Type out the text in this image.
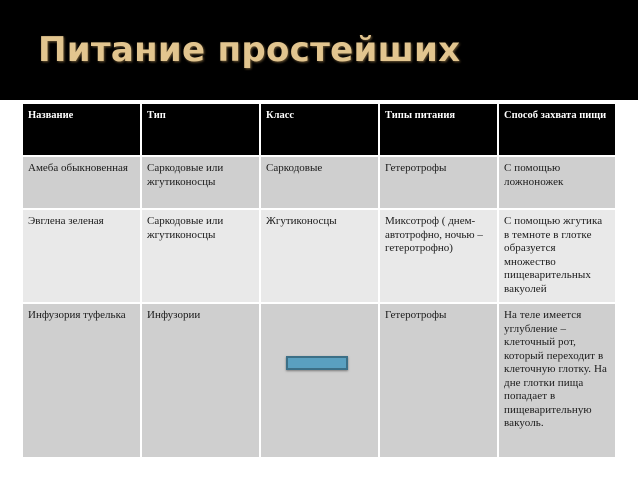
Питание простейших
Название	Тип	Класс	Типы питания	Способ захвата пищи
Амеба обыкновенная	Саркодовые или жгутиконосцы	Саркодовые	Гетеротрофы	С помощью ложноножек
Эвглена зеленая	Саркодовые или жгутиконосцы	Жгутиконосцы	Миксотроф ( днем- автотрофно, ночью – гетеротрофно)	С помощью жгутика в темноте в глотке образуется множество пищеварительных вакуолей
Инфузория туфелька	Инфузории		Гетеротрофы	На теле имеется углубление – клеточный рот, который переходит в клеточную глотку. На дне глотки пища попадает в пищеварительную вакуоль.
